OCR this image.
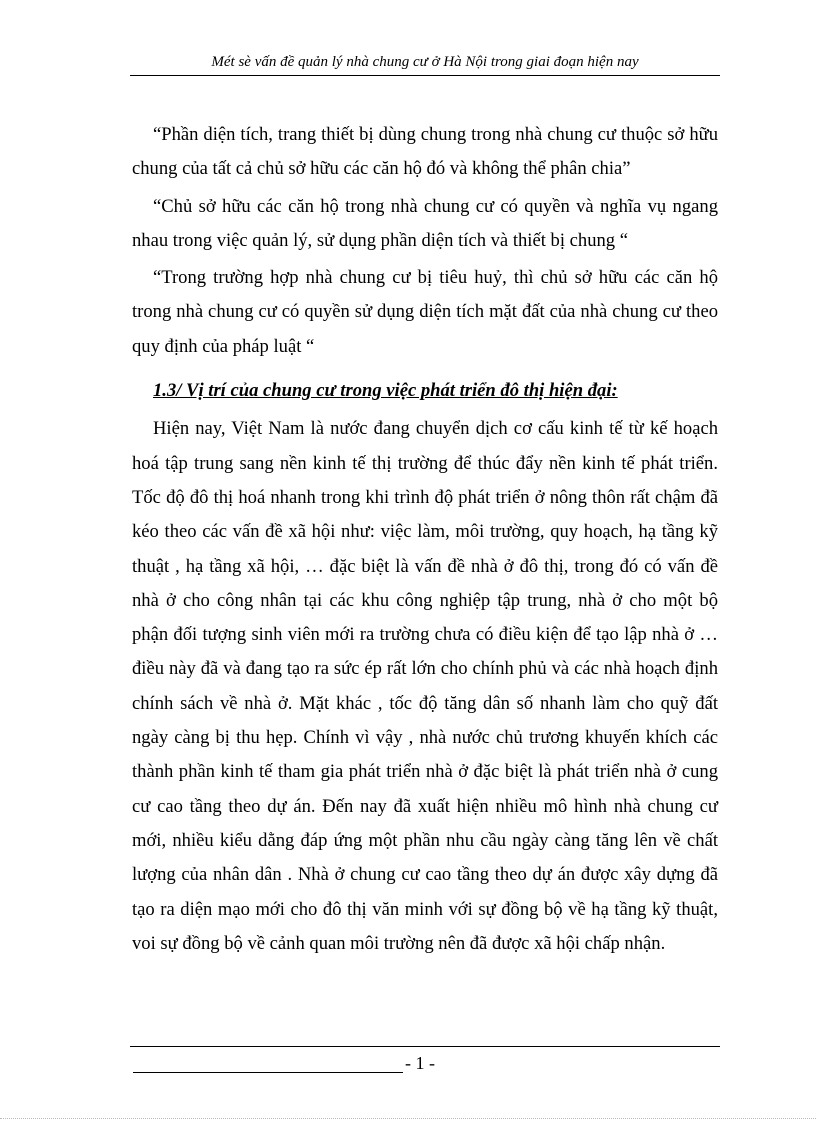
Mét sè vấn đề quản lý nhà chung cư ở Hà Nội trong giai đoạn hiện nay

“Phần diện tích, trang thiết bị dùng chung trong nhà chung cư thuộc sở hữu chung của tất cả chủ sở hữu các căn hộ đó và không thể phân chia”

“Chủ sở hữu các căn hộ trong nhà chung cư có quyền và nghĩa vụ ngang nhau trong việc quản lý, sử dụng phần diện tích và thiết bị chung “

“Trong trường hợp nhà chung cư bị tiêu huỷ, thì chủ sở hữu các căn hộ trong nhà chung cư có quyền sử dụng diện tích mặt đất của nhà chung cư theo quy định của pháp luật “

1.3/ Vị trí của chung cư trong việc phát triển đô thị hiện đại:

Hiện nay, Việt Nam là nước đang chuyển dịch cơ cấu kinh tế từ kế hoạch hoá tập trung sang nền kinh tế thị trường để thúc đẩy nền kinh tế phát triển. Tốc độ đô thị hoá nhanh trong khi trình độ phát triển ở nông thôn rất chậm đã kéo theo các vấn đề xã hội như: việc làm, môi trường, quy hoạch, hạ tầng kỹ thuật , hạ tầng xã hội, … đặc biệt là vấn đề nhà ở đô thị, trong đó có vấn đề nhà ở cho công nhân tại các khu công nghiệp tập trung, nhà ở cho một bộ phận đối tượng sinh viên mới ra trường chưa có điều kiện để tạo lập nhà ở …điều này đã và đang tạo ra sức ép rất lớn cho chính phủ và các nhà hoạch định chính sách về nhà ở. Mặt khác , tốc độ tăng dân số nhanh làm cho quỹ đất ngày càng bị thu hẹp. Chính vì vậy , nhà nước chủ trương khuyến khích các thành phần kinh tế tham gia phát triển nhà ở đặc biệt là phát triển nhà ở cung cư cao tầng theo dự án. Đến nay đã xuất hiện nhiều mô hình nhà chung cư mới, nhiều kiểu dằng đáp ứng một phần nhu cầu ngày càng tăng lên về chất lượng của nhân dân . Nhà ở chung cư cao tầng theo dự án được xây dựng đã tạo ra diện mạo mới cho đô thị văn minh với sự đồng bộ về hạ tầng kỹ thuật, voi sự đồng bộ về cảnh quan môi trường nên đã được xã hội chấp nhận.

- 1 -
